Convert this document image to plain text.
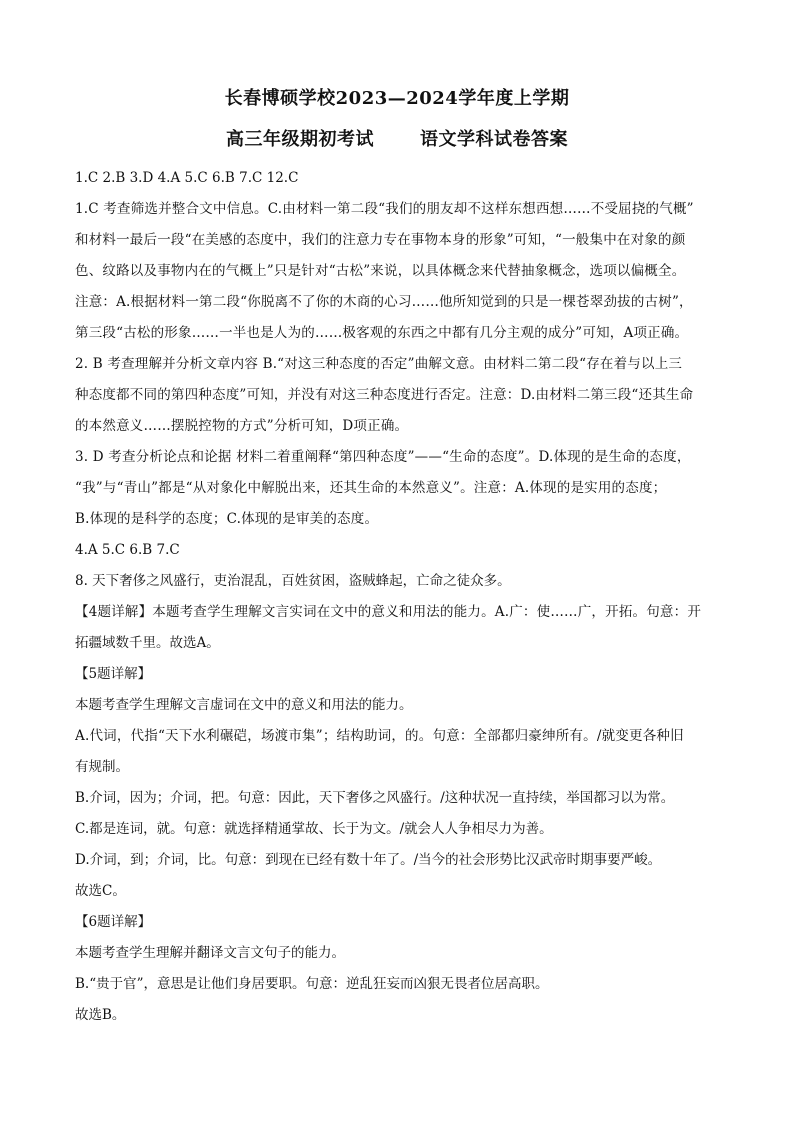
长春博硕学校2023—2024学年度上学期
高三年级期初考试	语文学科试卷答案
1.C 2.B 3.D 4.A 5.C 6.B 7.C 12.C
1.C 考查筛选并整合文中信息。C.由材料一第二段“我们的朋友却不这样东想西想……不受屈挠的气概”
和材料一最后一段“在美感的态度中，我们的注意力专在事物本身的形象”可知，“一般集中在对象的颜
色、纹路以及事物内在的气概上”只是针对“古松”来说，以具体概念来代替抽象概念，选项以偏概全。
注意：A.根据材料一第二段“你脱离不了你的木商的心习……他所知觉到的只是一棵苍翠劲拔的古树”，
第三段“古松的形象……一半也是人为的……极客观的东西之中都有几分主观的成分”可知，A项正确。
2. B 考查理解并分析文章内容 B.“对这三种态度的否定”曲解文意。由材料二第二段“存在着与以上三
种态度都不同的第四种态度”可知，并没有对这三种态度进行否定。注意：D.由材料二第三段“还其生命
的本然意义……摆脱控物的方式”分析可知，D项正确。
3. D 考查分析论点和论据 材料二着重阐释“第四种态度”——“生命的态度”。D.体现的是生命的态度，
“我”与“青山”都是“从对象化中解脱出来，还其生命的本然意义”。注意：A.体现的是实用的态度；
B.体现的是科学的态度；C.体现的是审美的态度。
4.A 5.C 6.B 7.C
8. 天下奢侈之风盛行，吏治混乱，百姓贫困，盗贼蜂起，亡命之徒众多。
【4题详解】本题考查学生理解文言实词在文中的意义和用法的能力。A.广：使……广，开拓。句意：开
拓疆域数千里。故选A。
【5题详解】
本题考查学生理解文言虚词在文中的意义和用法的能力。
A.代词，代指“天下水利碾硙，场渡市集”；结构助词，的。句意：全部都归豪绅所有。/就变更各种旧
有规制。
B.介词，因为；介词，把。句意：因此，天下奢侈之风盛行。/这种状况一直持续，举国都习以为常。
C.都是连词，就。句意：就选择精通掌故、长于为文。/就会人人争相尽力为善。
D.介词，到；介词，比。句意：到现在已经有数十年了。/当今的社会形势比汉武帝时期事要严峻。
故选C。
【6题详解】
本题考查学生理解并翻译文言文句子的能力。
B.“贵于官”，意思是让他们身居要职。句意：逆乱狂妄而凶狠无畏者位居高职。
故选B。
